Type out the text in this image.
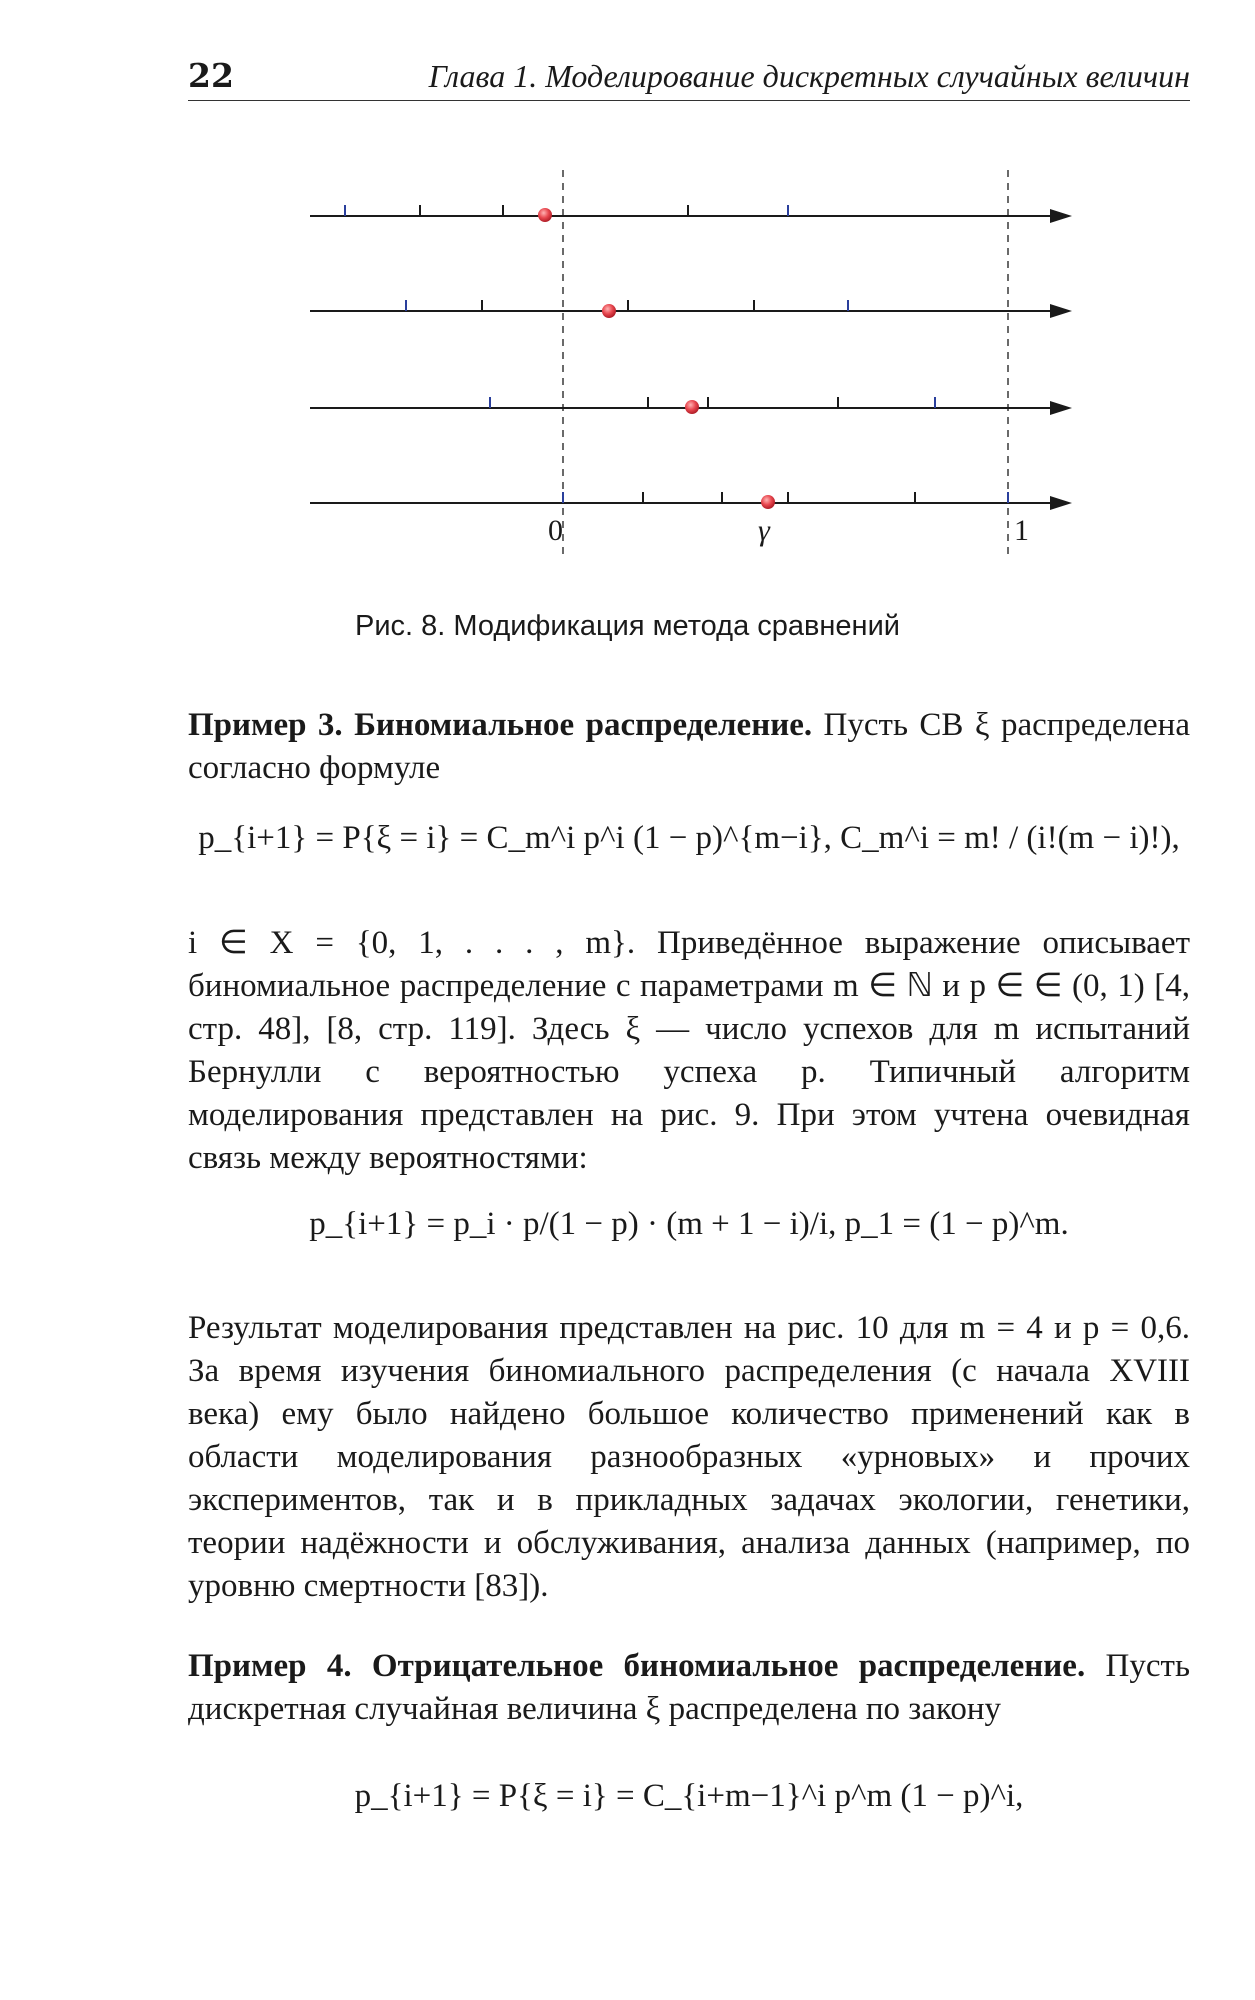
22	Глава 1. Моделирование дискретных случайных величин
0	γ	1
Рис. 8. Модификация метода сравнений
Пример 3. Биномиальное распределение. Пусть СВ ξ распределена согласно формуле
p_{i+1} = P{ξ = i} = C_m^i p^i (1 − p)^{m−i}, C_m^i = m! / (i!(m − i)!),
i ∈ X = {0, 1, . . . , m}. Приведённое выражение описывает биномиальное распределение с параметрами m ∈ ℕ и p ∈ ∈ (0, 1) [4, стр. 48], [8, стр. 119]. Здесь ξ — число успехов для m испытаний Бернулли с вероятностью успеха p. Типичный алгоритм моделирования представлен на рис. 9. При этом учтена очевидная связь между вероятностями:
p_{i+1} = p_i · p/(1 − p) · (m + 1 − i)/i, p_1 = (1 − p)^m.
Результат моделирования представлен на рис. 10 для m = 4 и p = 0,6. За время изучения биномиального распределения (с начала XVIII века) ему было найдено большое количество применений как в области моделирования разнообразных «урновых» и прочих экспериментов, так и в прикладных задачах экологии, генетики, теории надёжности и обслуживания, анализа данных (например, по уровню смертности [83]).
Пример 4. Отрицательное биномиальное распределение. Пусть дискретная случайная величина ξ распределена по закону
p_{i+1} = P{ξ = i} = C_{i+m−1}^i p^m (1 − p)^i,
